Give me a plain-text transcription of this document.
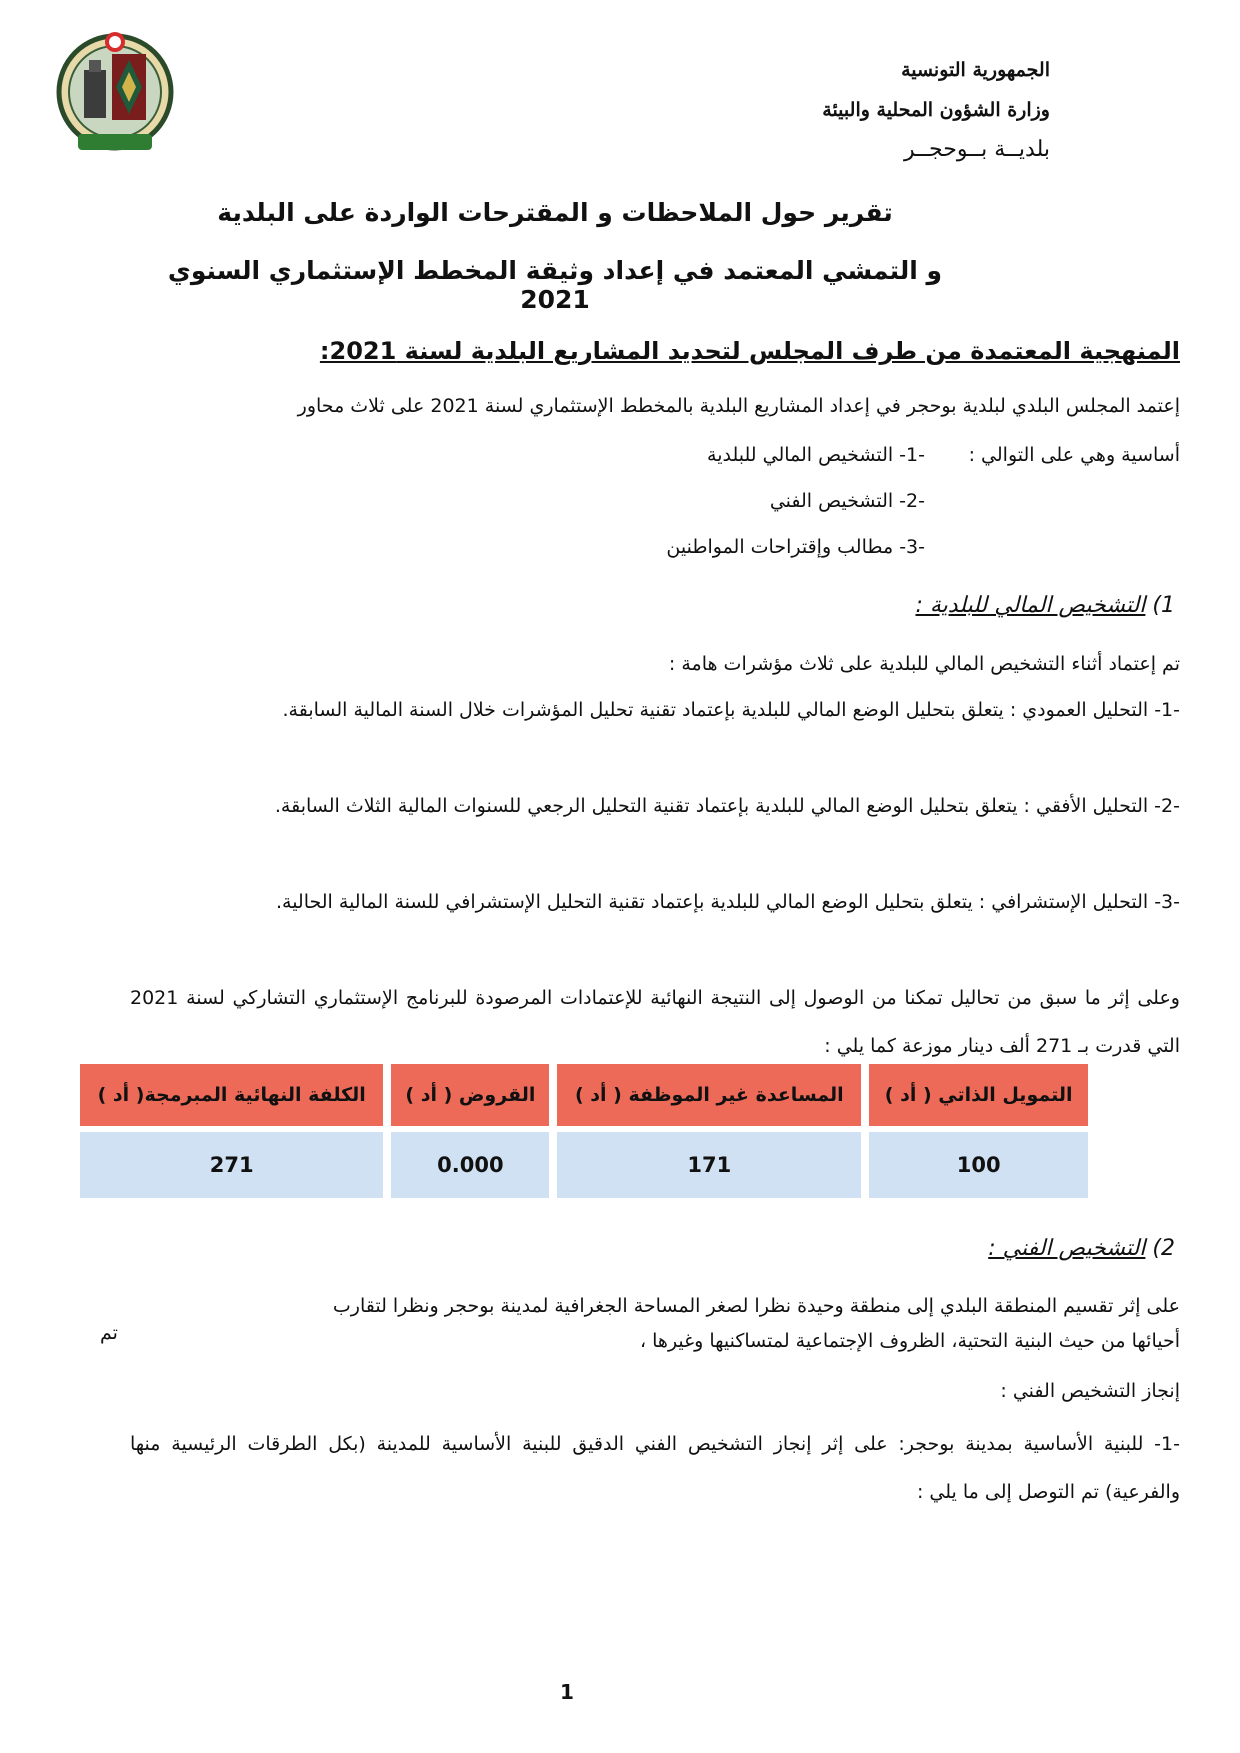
الجمهورية التونسية
وزارة الشؤون المحلية والبيئة
بلديــة بــوحجــر
تقرير حول الملاحظات و المقترحات الواردة على البلدية
و التمشي المعتمد في إعداد وثيقة المخطط الإستثماري السنوي 2021
المنهجية المعتمدة من طرف المجلس لتحديد المشاريع البلدية لسنة 2021:
إعتمد المجلس البلدي لبلدية بوحجر في إعداد المشاريع البلدية بالمخطط الإستثماري لسنة 2021 على ثلاث محاور
أساسية وهي على التوالي :
-1- التشخيص المالي للبلدية
-2- التشخيص الفني
-3- مطالب وإقتراحات المواطنين
1) التشخيص المالي للبلدية :
تم إعتماد أثناء التشخيص المالي للبلدية على ثلاث مؤشرات هامة :
-1- التحليل العمودي : يتعلق بتحليل الوضع المالي للبلدية بإعتماد تقنية تحليل المؤشرات خلال السنة المالية السابقة.
-2- التحليل الأفقي : يتعلق بتحليل الوضع المالي للبلدية بإعتماد تقنية التحليل الرجعي للسنوات المالية الثلاث السابقة.
-3- التحليل الإستشرافي : يتعلق بتحليل الوضع المالي للبلدية بإعتماد تقنية التحليل الإستشرافي للسنة المالية الحالية.
وعلى إثر ما سبق من تحاليل تمكنا من الوصول إلى النتيجة النهائية للإعتمادات المرصودة للبرنامج الإستثماري التشاركي لسنة 2021 التي قدرت بـ 271 ألف دينار موزعة كما يلي :
التمويل الذاتي ( أد )	المساعدة غير الموظفة ( أد )	القروض ( أد )	الكلفة النهائية المبرمجة( أد )
100	171	0.000	271
2) التشخيص الفني :
على إثر تقسيم المنطقة البلدي إلى منطقة وحيدة نظرا لصغر المساحة الجغرافية لمدينة بوحجر ونظرا لتقارب
أحيائها من حيث البنية التحتية، الظروف الإجتماعية لمتساكنيها وغيرها ،
تم
إنجاز التشخيص الفني :
-1- للبنية الأساسية بمدينة بوحجر: على إثر إنجاز التشخيص الفني الدقيق للبنية الأساسية للمدينة (بكل الطرقات الرئيسية منها والفرعية) تم التوصل إلى ما يلي :
1
